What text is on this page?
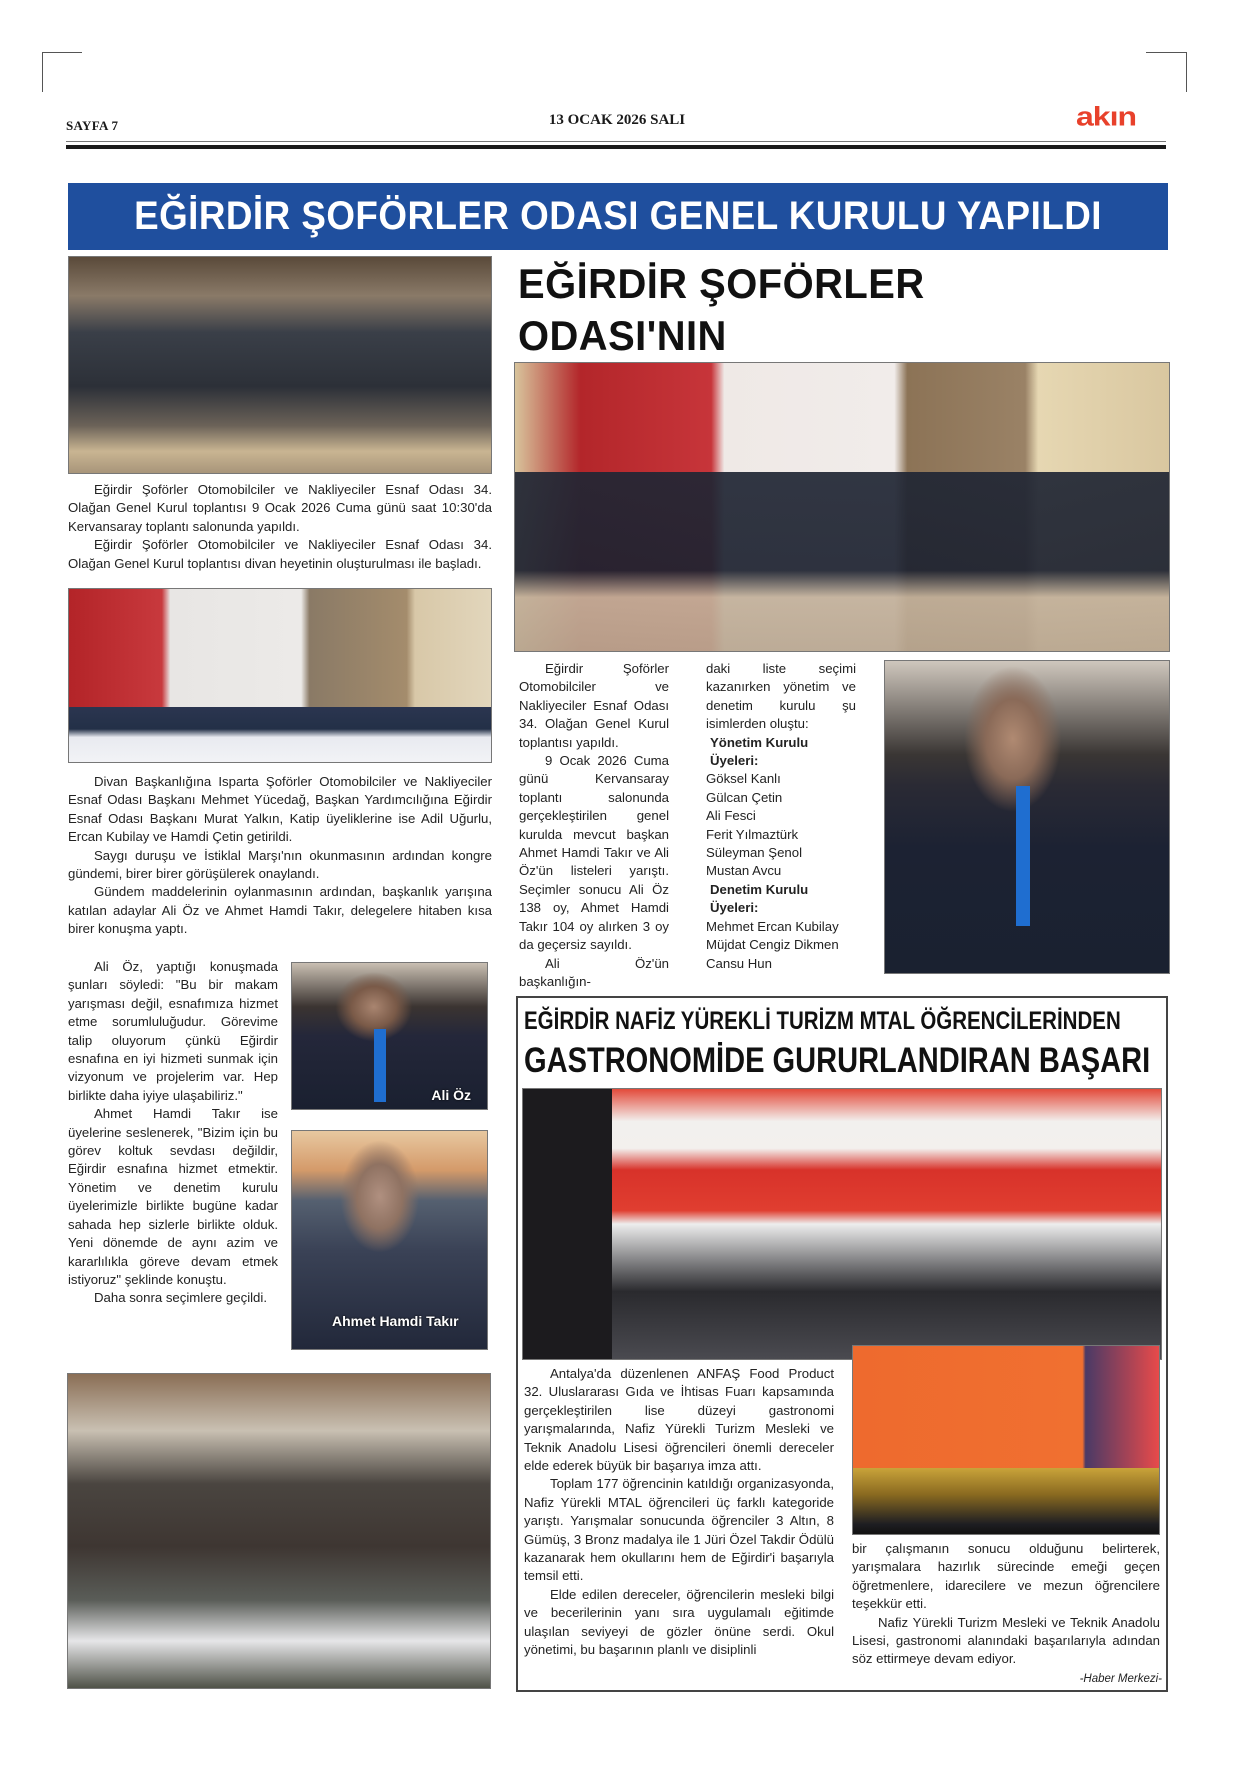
SAYFA 7	13 OCAK 2026 SALI	akın
EĞİRDİR ŞOFÖRLER ODASI GENEL KURULU YAPILDI

Eğirdir Şoförler Otomobilciler ve Nakliyeciler Esnaf Odası 34. Olağan Genel Kurul toplantısı 9 Ocak 2026 Cuma günü saat 10:30'da Kervansaray toplantı salonunda yapıldı.

Eğirdir Şoförler Otomobilciler ve Nakliyeciler Esnaf Odası 34. Olağan Genel Kurul toplantısı divan heyetinin oluşturulması ile başladı.

Divan Başkanlığına Isparta Şoförler Otomobilciler ve Nakliyeciler Esnaf Odası Başkanı Mehmet Yücedağ, Başkan Yardımcılığına Eğirdir Esnaf Odası Başkanı Murat Yalkın, Katip üyeliklerine ise Adil Uğurlu, Ercan Kubilay ve Hamdi Çetin getirildi.

Saygı duruşu ve İstiklal Marşı'nın okunmasının ardından kongre gündemi, birer birer görüşülerek onaylandı.

Gündem maddelerinin oylanmasının ardından, başkanlık yarışına katılan adaylar Ali Öz ve Ahmet Hamdi Takır, delegelere hitaben kısa birer konuşma yaptı.

Ali Öz, yaptığı konuşmada şunları söyledi: "Bu bir makam yarışması değil, esnafımıza hizmet etme sorumluluğudur. Görevime talip oluyorum çünkü Eğirdir esnafına en iyi hizmeti sunmak için vizyonum ve projelerim var. Hep birlikte daha iyiye ulaşabiliriz."

Ahmet Hamdi Takır ise üyelerine seslenerek, "Bizim için bu görev koltuk sevdası değildir, Eğirdir esnafına hizmet etmektir. Yönetim ve denetim kurulu üyelerimizle birlikte bugüne kadar sahada hep sizlerle birlikte olduk. Yeni dönemde de aynı azim ve kararlılıkla göreve devam etmek istiyoruz" şeklinde konuştu.

Daha sonra seçimlere geçildi.

Ali Öz
Ahmet Hamdi Takır
EĞİRDİR ŞOFÖRLER ODASI'NIN

Eğirdir Şoförler Otomobilciler ve Nakliyeciler Esnaf Odası 34. Olağan Genel Kurul toplantısı yapıldı.

9 Ocak 2026 Cuma günü Kervansaray toplantı salonunda gerçekleştirilen genel kurulda mevcut başkan Ahmet Hamdi Takır ve Ali Öz'ün listeleri yarıştı. Seçimler sonucu Ali Öz 138 oy, Ahmet Hamdi Takır 104 oy alırken 3 oy da geçersiz sayıldı.

Ali Öz'ün başkanlığın-

daki liste seçimi kazanırken yönetim ve denetim kurulu şu isimlerden oluştu:

Yönetim Kurulu Üyeleri:

Göksel Kanlı
Gülcan Çetin
Ali Fesci
Ferit Yılmaztürk
Süleyman Şenol
Mustan Avcu

Denetim Kurulu Üyeleri:

Mehmet Ercan Kubilay
Müjdat Cengiz Dikmen
Cansu Hun
EĞİRDİR NAFİZ YÜREKLİ TURİZM MTAL ÖĞRENCİLERİNDEN
GASTRONOMİDE GURURLANDIRAN BAŞARI

Antalya'da düzenlenen ANFAŞ Food Product 32. Uluslararası Gıda ve İhtisas Fuarı kapsamında gerçekleştirilen lise düzeyi gastronomi yarışmalarında, Nafiz Yürekli Turizm Mesleki ve Teknik Anadolu Lisesi öğrencileri önemli dereceler elde ederek büyük bir başarıya imza attı.

Toplam 177 öğrencinin katıldığı organizasyonda, Nafiz Yürekli MTAL öğrencileri üç farklı kategoride yarıştı. Yarışmalar sonucunda öğrenciler 3 Altın, 8 Gümüş, 3 Bronz madalya ile 1 Jüri Özel Takdir Ödülü kazanarak hem okullarını hem de Eğirdir'i başarıyla temsil etti.

Elde edilen dereceler, öğrencilerin mesleki bilgi ve becerilerinin yanı sıra uygulamalı eğitimde ulaşılan seviyeyi de gözler önüne serdi. Okul yönetimi, bu başarının planlı ve disiplinli

bir çalışmanın sonucu olduğunu belirterek, yarışmalara hazırlık sürecinde emeği geçen öğretmenlere, idarecilere ve mezun öğrencilere teşekkür etti.

Nafiz Yürekli Turizm Mesleki ve Teknik Anadolu Lisesi, gastronomi alanındaki başarılarıyla adından söz ettirmeye devam ediyor.

-Haber Merkezi-
